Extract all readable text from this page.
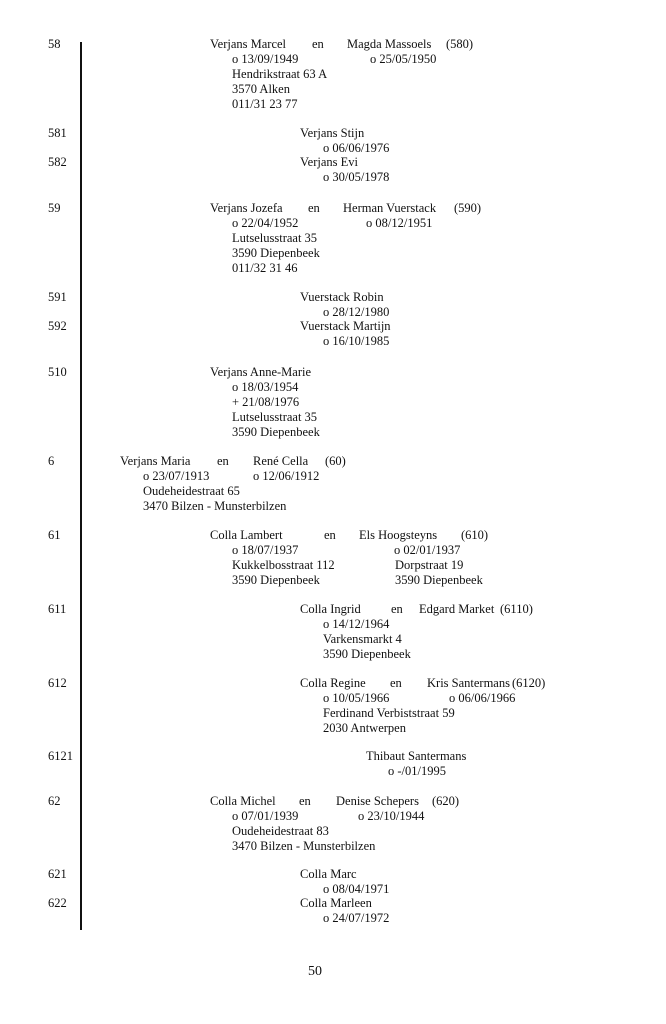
58	Verjans Marcel en Magda Massoels (580)
o 13/09/1949	o 25/05/1950
Hendrikstraat 63 A
3570 Alken
011/31 23 77
581	Verjans Stijn
o 06/06/1976
582	Verjans Evi
o 30/05/1978
59	Verjans Jozefa en Herman Vuerstack (590)
o 22/04/1952	o 08/12/1951
Lutselusstraat 35
3590 Diepenbeek
011/32 31 46
591	Vuerstack Robin
o 28/12/1980
592	Vuerstack Martijn
o 16/10/1985
510	Verjans Anne-Marie
o 18/03/1954
+ 21/08/1976
Lutselusstraat 35
3590 Diepenbeek
6	Verjans Maria en René Cella (60)
o 23/07/1913	o 12/06/1912
Oudeheidestraat 65
3470 Bilzen - Munsterbilzen
61	Colla Lambert	en Els Hoogsteyns (610)
o 18/07/1937	o 02/01/1937
Kukkelbosstraat 112	Dorpstraat 19
3590 Diepenbeek	3590 Diepenbeek
611	Colla Ingrid en Edgard Market (6110)
o 14/12/1964
Varkensmarkt 4
3590 Diepenbeek
612	Colla Regine en Kris Santermans (6120)
o 10/05/1966	o 06/06/1966
Ferdinand Verbiststraat 59
2030 Antwerpen
6121	Thibaut Santermans
o -/01/1995
62	Colla Michel en Denise Schepers (620)
o 07/01/1939	o 23/10/1944
Oudeheidestraat 83
3470 Bilzen - Munsterbilzen
621	Colla Marc
o 08/04/1971
622	Colla Marleen
o 24/07/1972
50
